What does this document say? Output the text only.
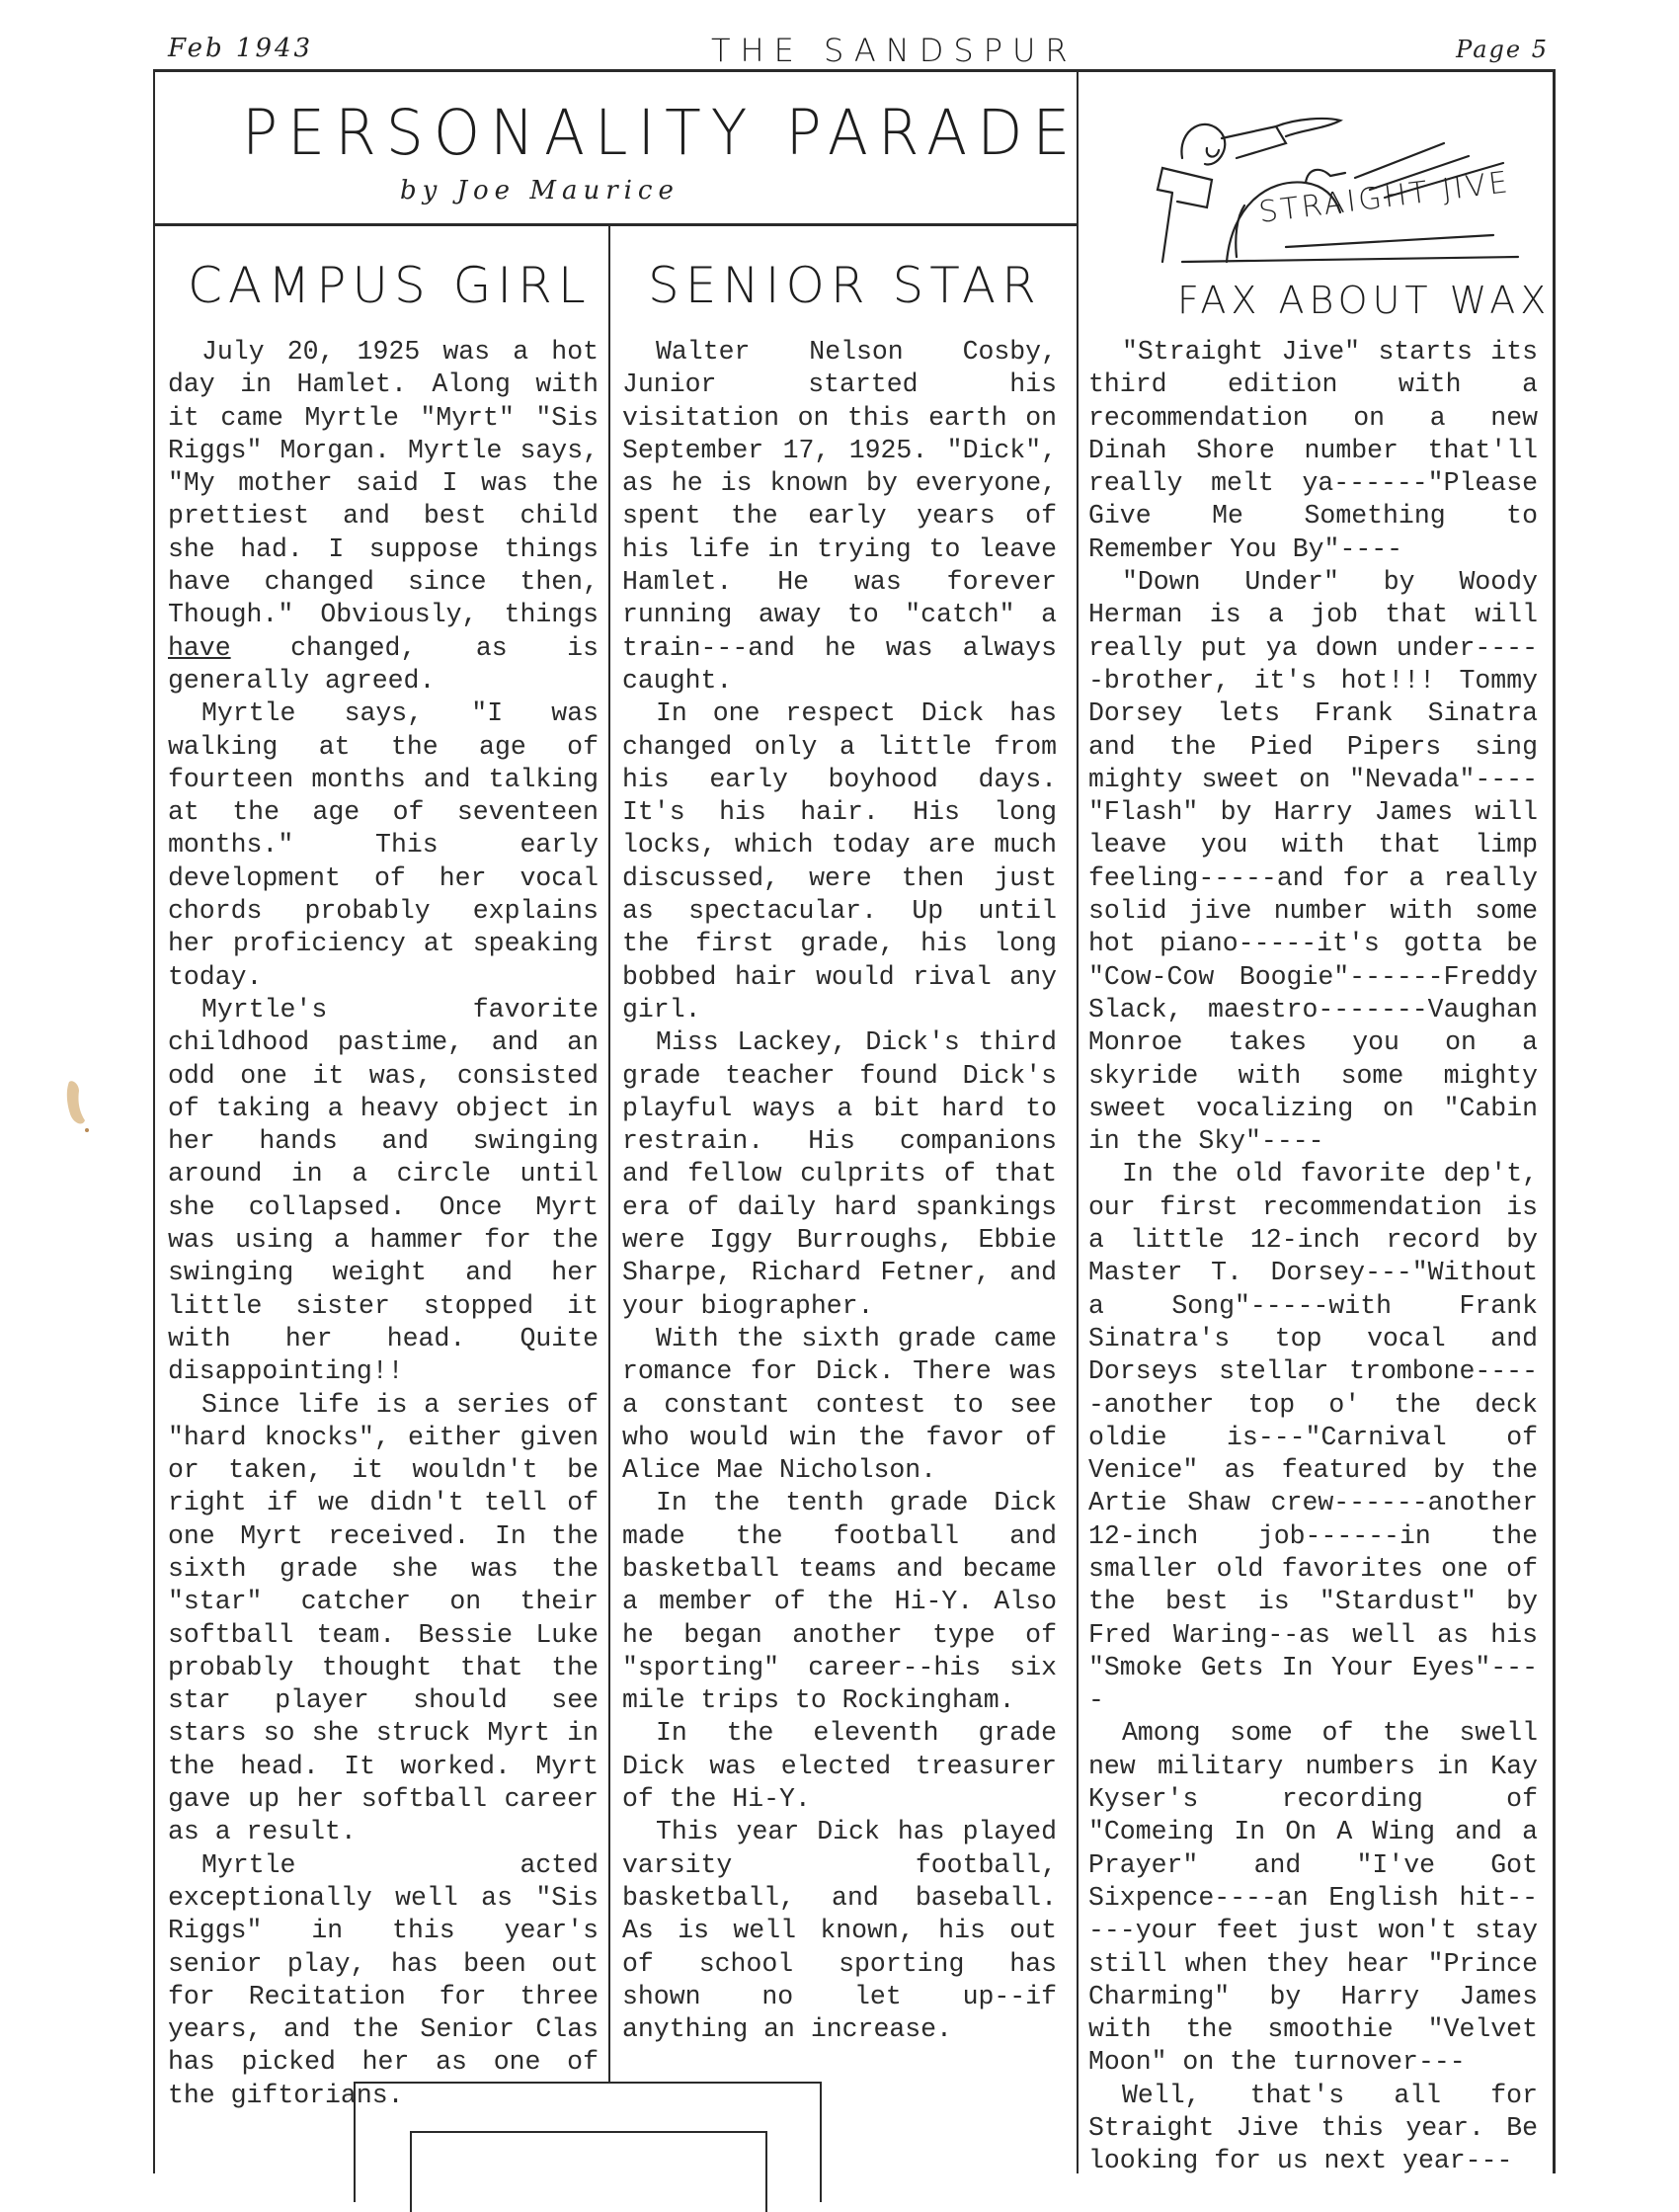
Feb 1943	THE SANDSPUR	Page 5
PERSONALITY PARADE
by Joe Maurice
CAMPUS GIRL

July 20, 1925 was a hot day in Hamlet. Along with it came Myrtle "Myrt" "Sis Riggs" Morgan. Myrtle says, "My mother said I was the prettiest and best child she had. I suppose things have changed since then, Though." Obviously, things have changed, as is generally agreed.

Myrtle says, "I was walking at the age of fourteen months and talking at the age of seventeen months." This early development of her vocal chords probably explains her proficiency at speaking today.

Myrtle's favorite childhood pastime, and an odd one it was, consisted of taking a heavy object in her hands and swinging around in a circle until she collapsed. Once Myrt was using a hammer for the swinging weight and her little sister stopped it with her head. Quite disappointing!!

Since life is a series of "hard knocks", either given or taken, it wouldn't be right if we didn't tell of one Myrt received. In the sixth grade she was the "star" catcher on their softball team. Bessie Luke probably thought that the star player should see stars so she struck Myrt in the head. It worked. Myrt gave up her softball career as a result.

Myrtle acted exceptionally well as "Sis Riggs" in this year's senior play, has been out for Recitation for three years, and the Senior Clas has picked her as one of the giftorians.

SENIOR STAR

Walter Nelson Cosby, Junior started his visitation on this earth on September 17, 1925. "Dick", as he is known by everyone, spent the early years of his life in trying to leave Hamlet. He was forever running away to "catch" a train---and he was always caught.

In one respect Dick has changed only a little from his early boyhood days. It's his hair. His long locks, which today are much discussed, were then just as spectacular. Up until the first grade, his long bobbed hair would rival any girl.

Miss Lackey, Dick's third grade teacher found Dick's playful ways a bit hard to restrain. His companions and fellow culprits of that era of daily hard spankings were Iggy Burroughs, Ebbie Sharpe, Richard Fetner, and your biographer.

With the sixth grade came romance for Dick. There was a constant contest to see who would win the favor of Alice Mae Nicholson.

In the tenth grade Dick made the football and basketball teams and became a member of the Hi-Y. Also he began another type of "sporting" career--his six mile trips to Rockingham.

In the eleventh grade Dick was elected treasurer of the Hi-Y.

This year Dick has played varsity football, basketball, and baseball. As is well known, his out of school sporting has shown no let up--if anything an increase.

STRAIGHT JIVE
FAX ABOUT WAX

"Straight Jive" starts its third edition with a recommendation on a new Dinah Shore number that'll really melt ya------"Please Give Me Something to Remember You By"----

"Down Under" by Woody Herman is a job that will really put ya down under-----brother, it's hot!!! Tommy Dorsey lets Frank Sinatra and the Pied Pipers sing mighty sweet on "Nevada"----"Flash" by Harry James will leave you with that limp feeling-----and for a really solid jive number with some hot piano-----it's gotta be "Cow-Cow Boogie"------Freddy Slack, maestro-------Vaughan Monroe takes you on a skyride with some mighty sweet vocalizing on "Cabin in the Sky"----

In the old favorite dep't, our first recommendation is a little 12-inch record by Master T. Dorsey---"Without a Song"-----with Frank Sinatra's top vocal and Dorseys stellar trombone-----another top o' the deck oldie is---"Carnival of Venice" as featured by the Artie Shaw crew------another 12-inch job------in the smaller old favorites one of the best is "Stardust" by Fred Waring--as well as his "Smoke Gets In Your Eyes"----

Among some of the swell new military numbers in Kay Kyser's recording of "Comeing In On A Wing and a Prayer" and "I've Got Sixpence----an English hit-----your feet just won't stay still when they hear "Prince Charming" by Harry James with the smoothie "Velvet Moon" on the turnover---

Well, that's all for Straight Jive this year. Be looking for us next year---
